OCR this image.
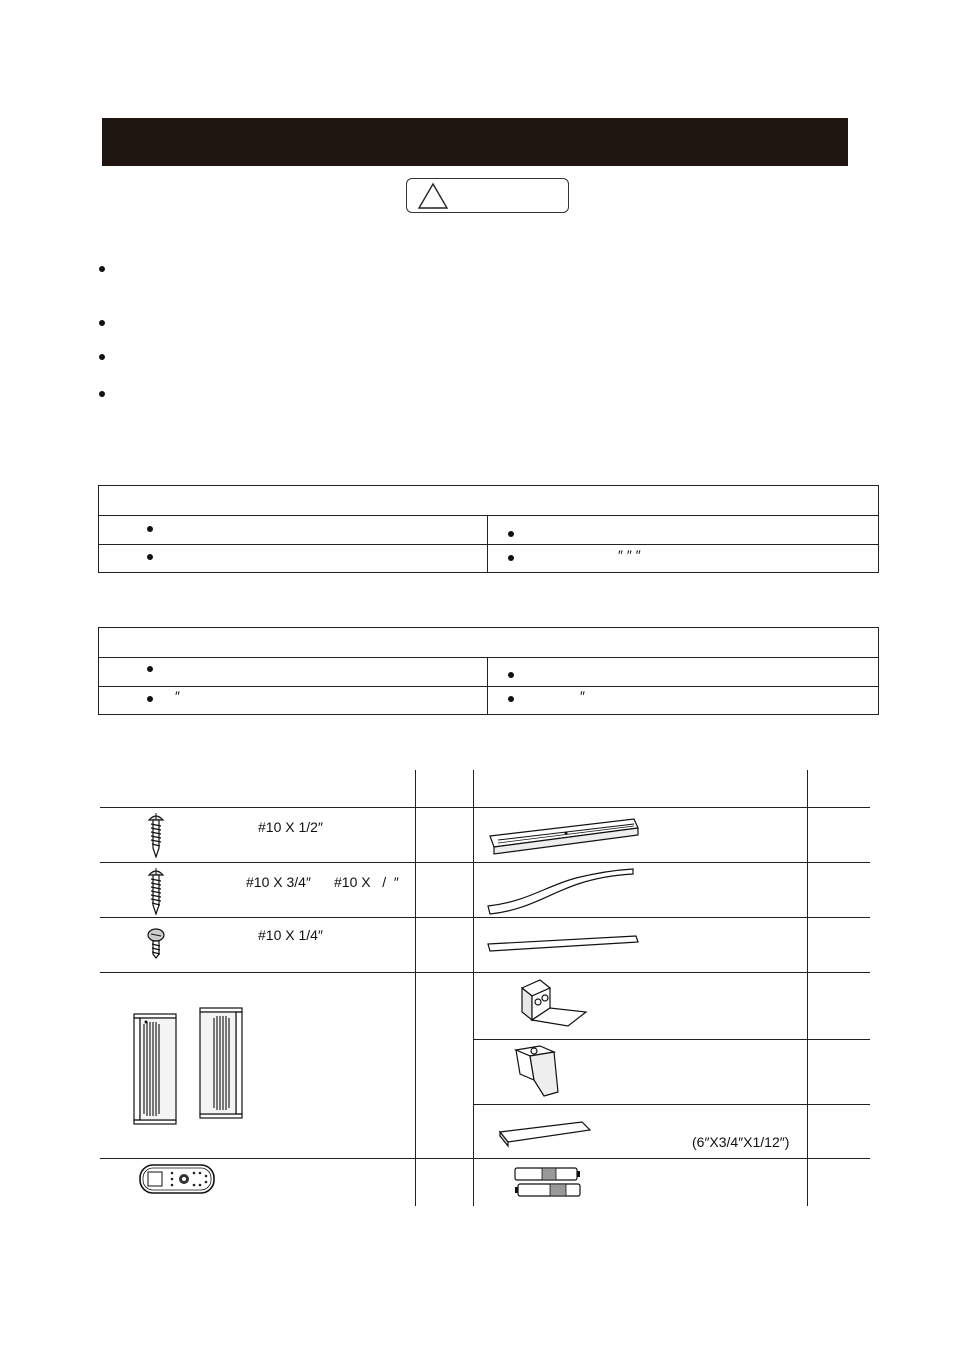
″ ″ ″
″	″
#10 X 1/2″
#10 X 3/4″ #10 X   /  ″
#10 X 1/4″
(6″X3/4″X1/12″)
